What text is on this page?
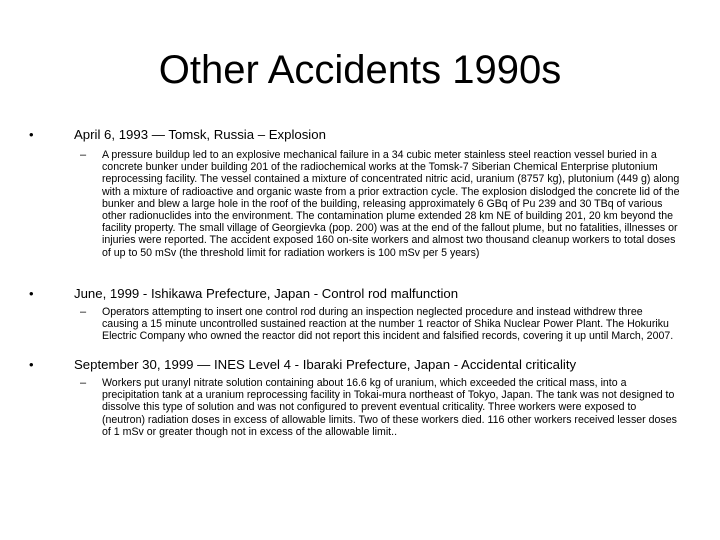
Other Accidents 1990s
•	April 6, 1993 — Tomsk, Russia – Explosion
– A pressure buildup led to an explosive mechanical failure in a 34 cubic meter stainless steel reaction vessel buried in a concrete bunker under building 201 of the radiochemical works at the Tomsk-7 Siberian Chemical Enterprise plutonium reprocessing facility. The vessel contained a mixture of concentrated nitric acid, uranium (8757 kg), plutonium (449 g) along with a mixture of radioactive and organic waste from a prior extraction cycle. The explosion dislodged the concrete lid of the bunker and blew a large hole in the roof of the building, releasing approximately 6 GBq of Pu 239 and 30 TBq of various other radionuclides into the environment. The contamination plume extended 28 km NE of building 201, 20 km beyond the facility property. The small village of Georgievka (pop. 200) was at the end of the fallout plume, but no fatalities, illnesses or injuries were reported. The accident exposed 160 on-site workers and almost two thousand cleanup workers to total doses of up to 50 mSv (the threshold limit for radiation workers is 100 mSv per 5 years)
•	June, 1999 - Ishikawa Prefecture, Japan - Control rod malfunction
– Operators attempting to insert one control rod during an inspection neglected procedure and instead withdrew three causing a 15 minute uncontrolled sustained reaction at the number 1 reactor of Shika Nuclear Power Plant. The Hokuriku Electric Company who owned the reactor did not report this incident and falsified records, covering it up until March, 2007.
•	September 30, 1999 — INES Level 4 - Ibaraki Prefecture, Japan - Accidental criticality
– Workers put uranyl nitrate solution containing about 16.6 kg of uranium, which exceeded the critical mass, into a precipitation tank at a uranium reprocessing facility in Tokai-mura northeast of Tokyo, Japan. The tank was not designed to dissolve this type of solution and was not configured to prevent eventual criticality. Three workers were exposed to (neutron) radiation doses in excess of allowable limits. Two of these workers died. 116 other workers received lesser doses of 1 mSv or greater though not in excess of the allowable limit..
